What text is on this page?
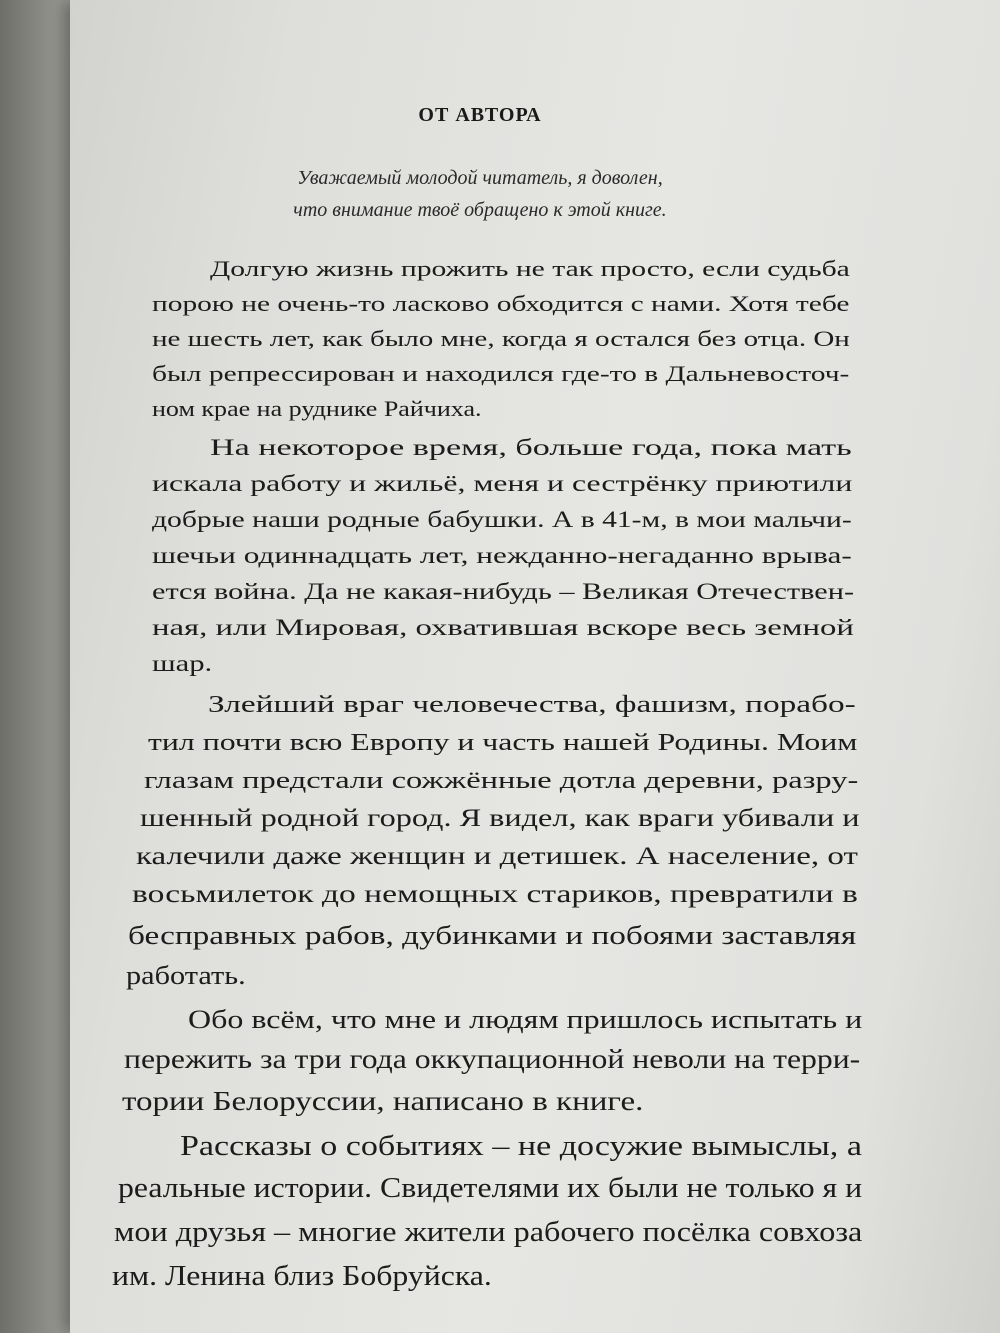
ОТ АВТОРА
Уважаемый молодой читатель, я доволен,
что внимание твоё обращено к этой книге.
Долгую жизнь прожить не так просто, если судьба
порою не очень-то ласково обходится с нами. Хотя тебе
не шесть лет, как было мне, когда я остался без отца. Он
был репрессирован и находился где-то в Дальневосточ-
ном крае на руднике Райчиха.
На некоторое время, больше года, пока мать
искала работу и жильё, меня и сестрёнку приютили
добрые наши родные бабушки. А в 41-м, в мои мальчи-
шечьи одиннадцать лет, нежданно-негаданно врыва-
ется война. Да не какая-нибудь – Великая Отечествен-
ная, или Мировая, охватившая вскоре весь земной
шар.
Злейший враг человечества, фашизм, порабо-
тил почти всю Европу и часть нашей Родины. Моим
глазам предстали сожжённые дотла деревни, разру-
шенный родной город. Я видел, как враги убивали и
калечили даже женщин и детишек. А население, от
восьмилеток до немощных стариков, превратили в
бесправных рабов, дубинками и побоями заставляя
работать.
Обо всём, что мне и людям пришлось испытать и
пережить за три года оккупационной неволи на терри-
тории Белоруссии, написано в книге.
Рассказы о событиях – не досужие вымыслы, а
реальные истории. Свидетелями их были не только я и
мои друзья – многие жители рабочего посёлка совхоза
им. Ленина близ Бобруйска.
